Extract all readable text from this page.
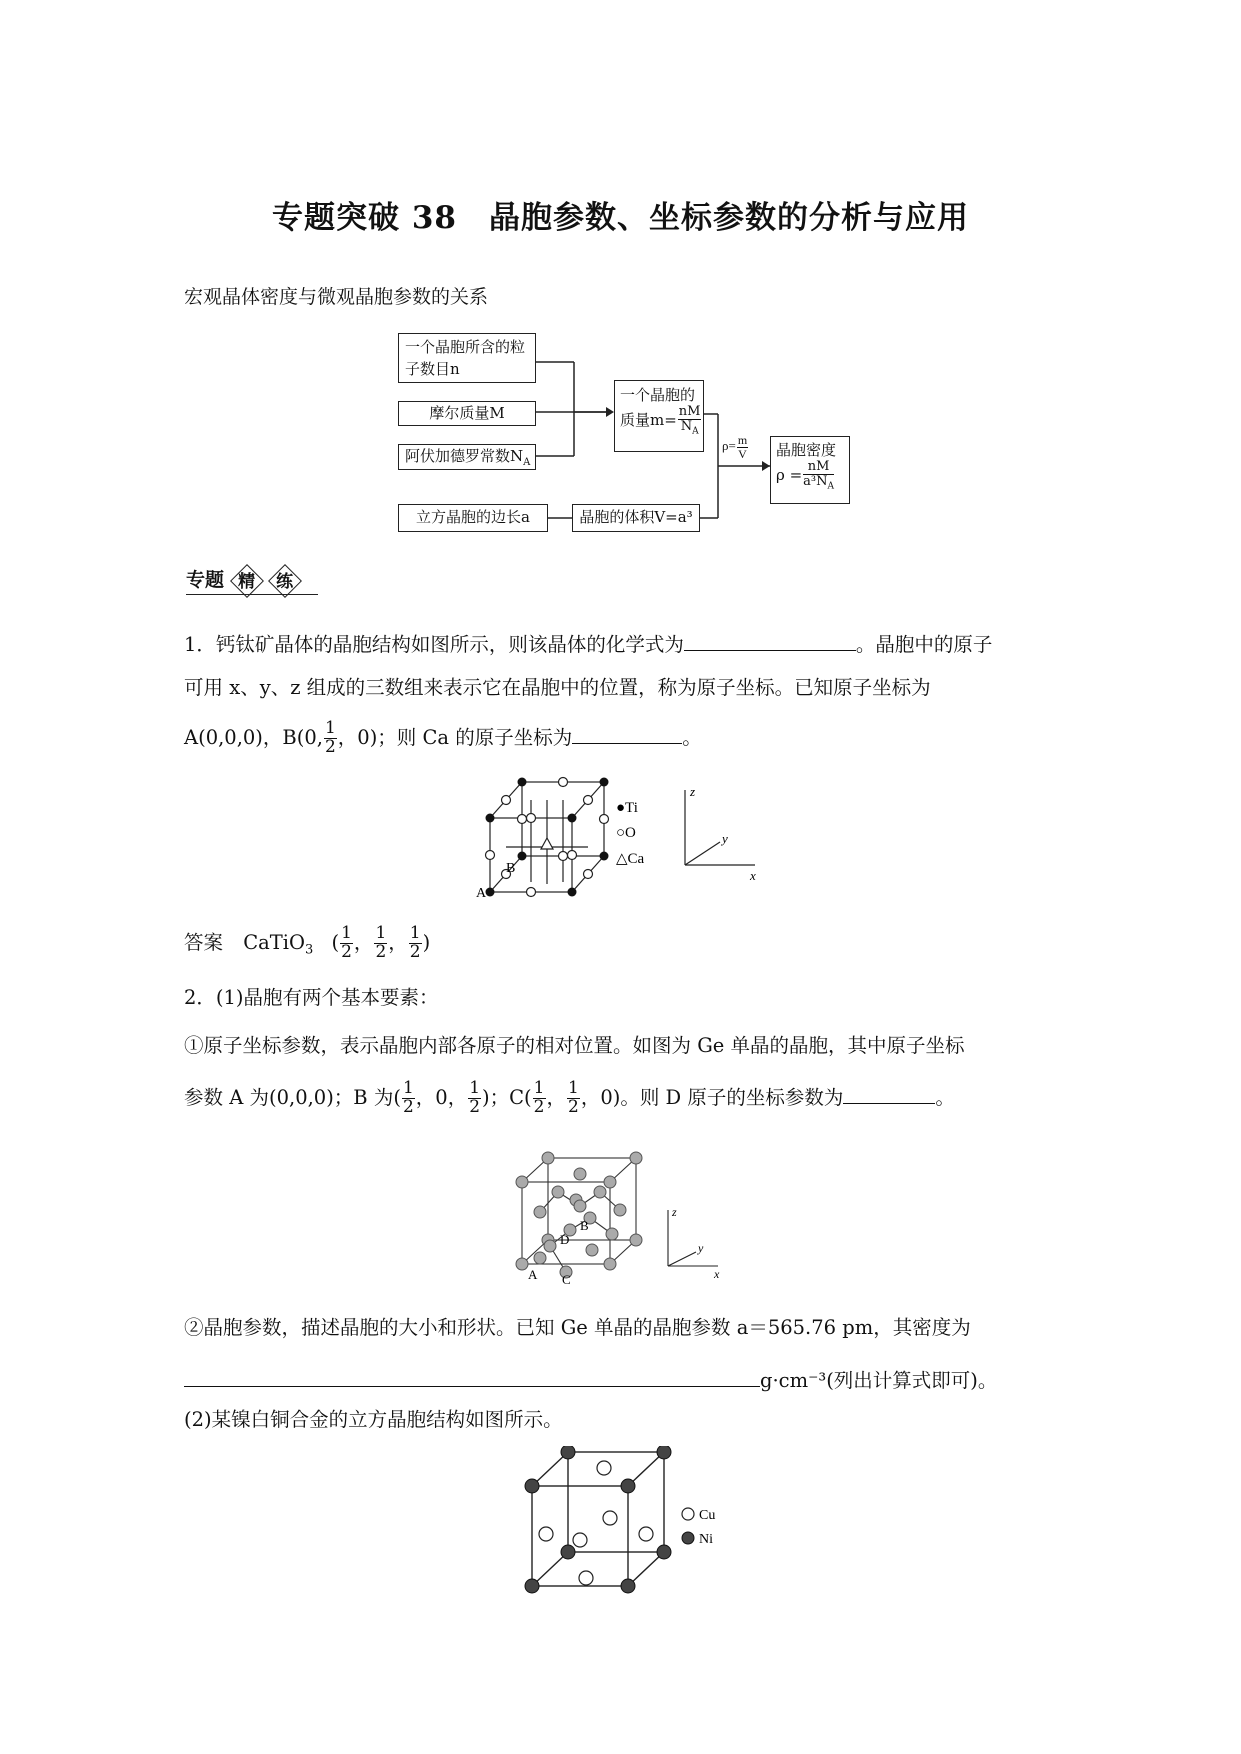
专题突破 38　晶胞参数、坐标参数的分析与应用
宏观晶体密度与微观晶胞参数的关系
一个晶胞所含的粒
子数目n
摩尔质量M
阿伏加德罗常数$N_A$
立方晶胞的边长a	晶胞的体积V=a³
一个晶胞的
质量$m= \frac{nM}{N_A}$
$\rho= \frac{m}{V}$ 晶胞密度
$\rho = \frac{nM}{a^3N_A}$
专题 精 练
1．钙钛矿晶体的晶胞结构如图所示，则该晶体的化学式为	。晶胞中的原子
可用 x、y、z 组成的三数组来表示它在晶胞中的位置，称为原子坐标。已知原子坐标为
A(0,0,0)，B(0, $\frac{1}{2}$ ，0)；则 Ca 的原子坐标为	。
A
B
●Ti
○O
△Ca
z
y
x
答案 CaTiO$_3$ ( $\frac{1}{2}$ ， $\frac{1}{2}$ ， $\frac{1}{2}$ )
2．(1)晶胞有两个基本要素：
①原子坐标参数，表示晶胞内部各原子的相对位置。如图为 Ge 单晶的晶胞，其中原子坐标
参数 A 为(0,0,0)；B 为( $\frac{1}{2}$ ，0， $\frac{1}{2}$ )；$C( \frac{1}{2}$ ， $\frac{1}{2}$ ，0)。则 D 原子的坐标参数为	。
A
B
C
D
z
y
x
②晶胞参数，描述晶胞的大小和形状。已知 Ge 单晶的晶胞参数 a＝565.76 pm，其密度为
g·cm⁻³(列出计算式即可)。
(2)某镍白铜合金的立方晶胞结构如图所示。
Cu
Ni
